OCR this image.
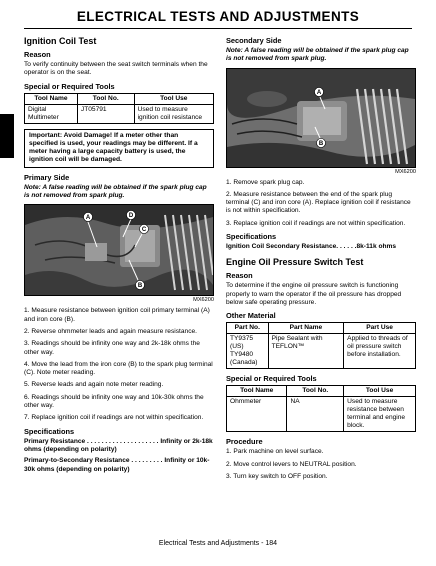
ELECTRICAL TESTS AND ADJUSTMENTS
Ignition Coil Test
Reason

To verify continuity between the seat switch terminals when the operator is on the seat.

Special or Required Tools
Tool Name	Tool No.	Tool Use
Digital Multimeter	JT05791	Used to measure ignition coil resistance
Important: Avoid Damage! If a meter other than specified is used, your readings may be different. If a meter having a large capacity battery is used, the ignition coil will be damaged.
Primary Side

Note: A false reading will be obtained if the spark plug cap is not removed from spark plug.

A	D
C
B
MX6200

1. Measure resistance between ignition coil primary terminal (A) and iron core (B).

2. Reverse ohmmeter leads and again measure resistance.

3. Readings should be infinity one way and 2k-18k ohms the other way.

4. Move the lead from the iron core (B) to the spark plug terminal (C). Note meter reading.

5. Reverse leads and again note meter reading.

6. Readings should be infinity one way and 10k-30k ohms the other way.

7. Replace ignition coil if readings are not within specification.

Specifications
Primary Resistance . . . . . . . . . . . . . . . . . . . . Infinity or 2k-18k ohms (depending on polarity)
Primary-to-Secondary Resistance . . . . . . . . . Infinity or 10k-30k ohms (depending on polarity)
Secondary Side

Note: A false reading will be obtained if the spark plug cap is not removed from spark plug.

A
B
MX6200

1. Remove spark plug cap.

2. Measure resistance between the end of the spark plug terminal (C) and iron core (A). Replace ignition coil if resistance is not within specification.

3. Replace ignition coil if readings are not within specification.

Specifications
Ignition Coil Secondary Resistance. . . . . .8k-11k ohms
Engine Oil Pressure Switch Test
Reason

To determine if the engine oil pressure switch is functioning properly to warn the operator if the oil pressure has dropped below safe operating pressure.

Other Material
Part No.	Part Name	Part Use
TY9375 (US) TY9480 (Canada)	Pipe Sealant with TEFLON™	Applied to threads of oil pressure switch before installation.
Special or Required Tools
Tool Name	Tool No.	Tool Use
Ohmmeter	NA	Used to measure resistance between terminal and engine block.
Procedure

1. Park machine on level surface.

2. Move control levers to NEUTRAL position.

3. Turn key switch to OFF position.

Electrical Tests and Adjustments - 184
